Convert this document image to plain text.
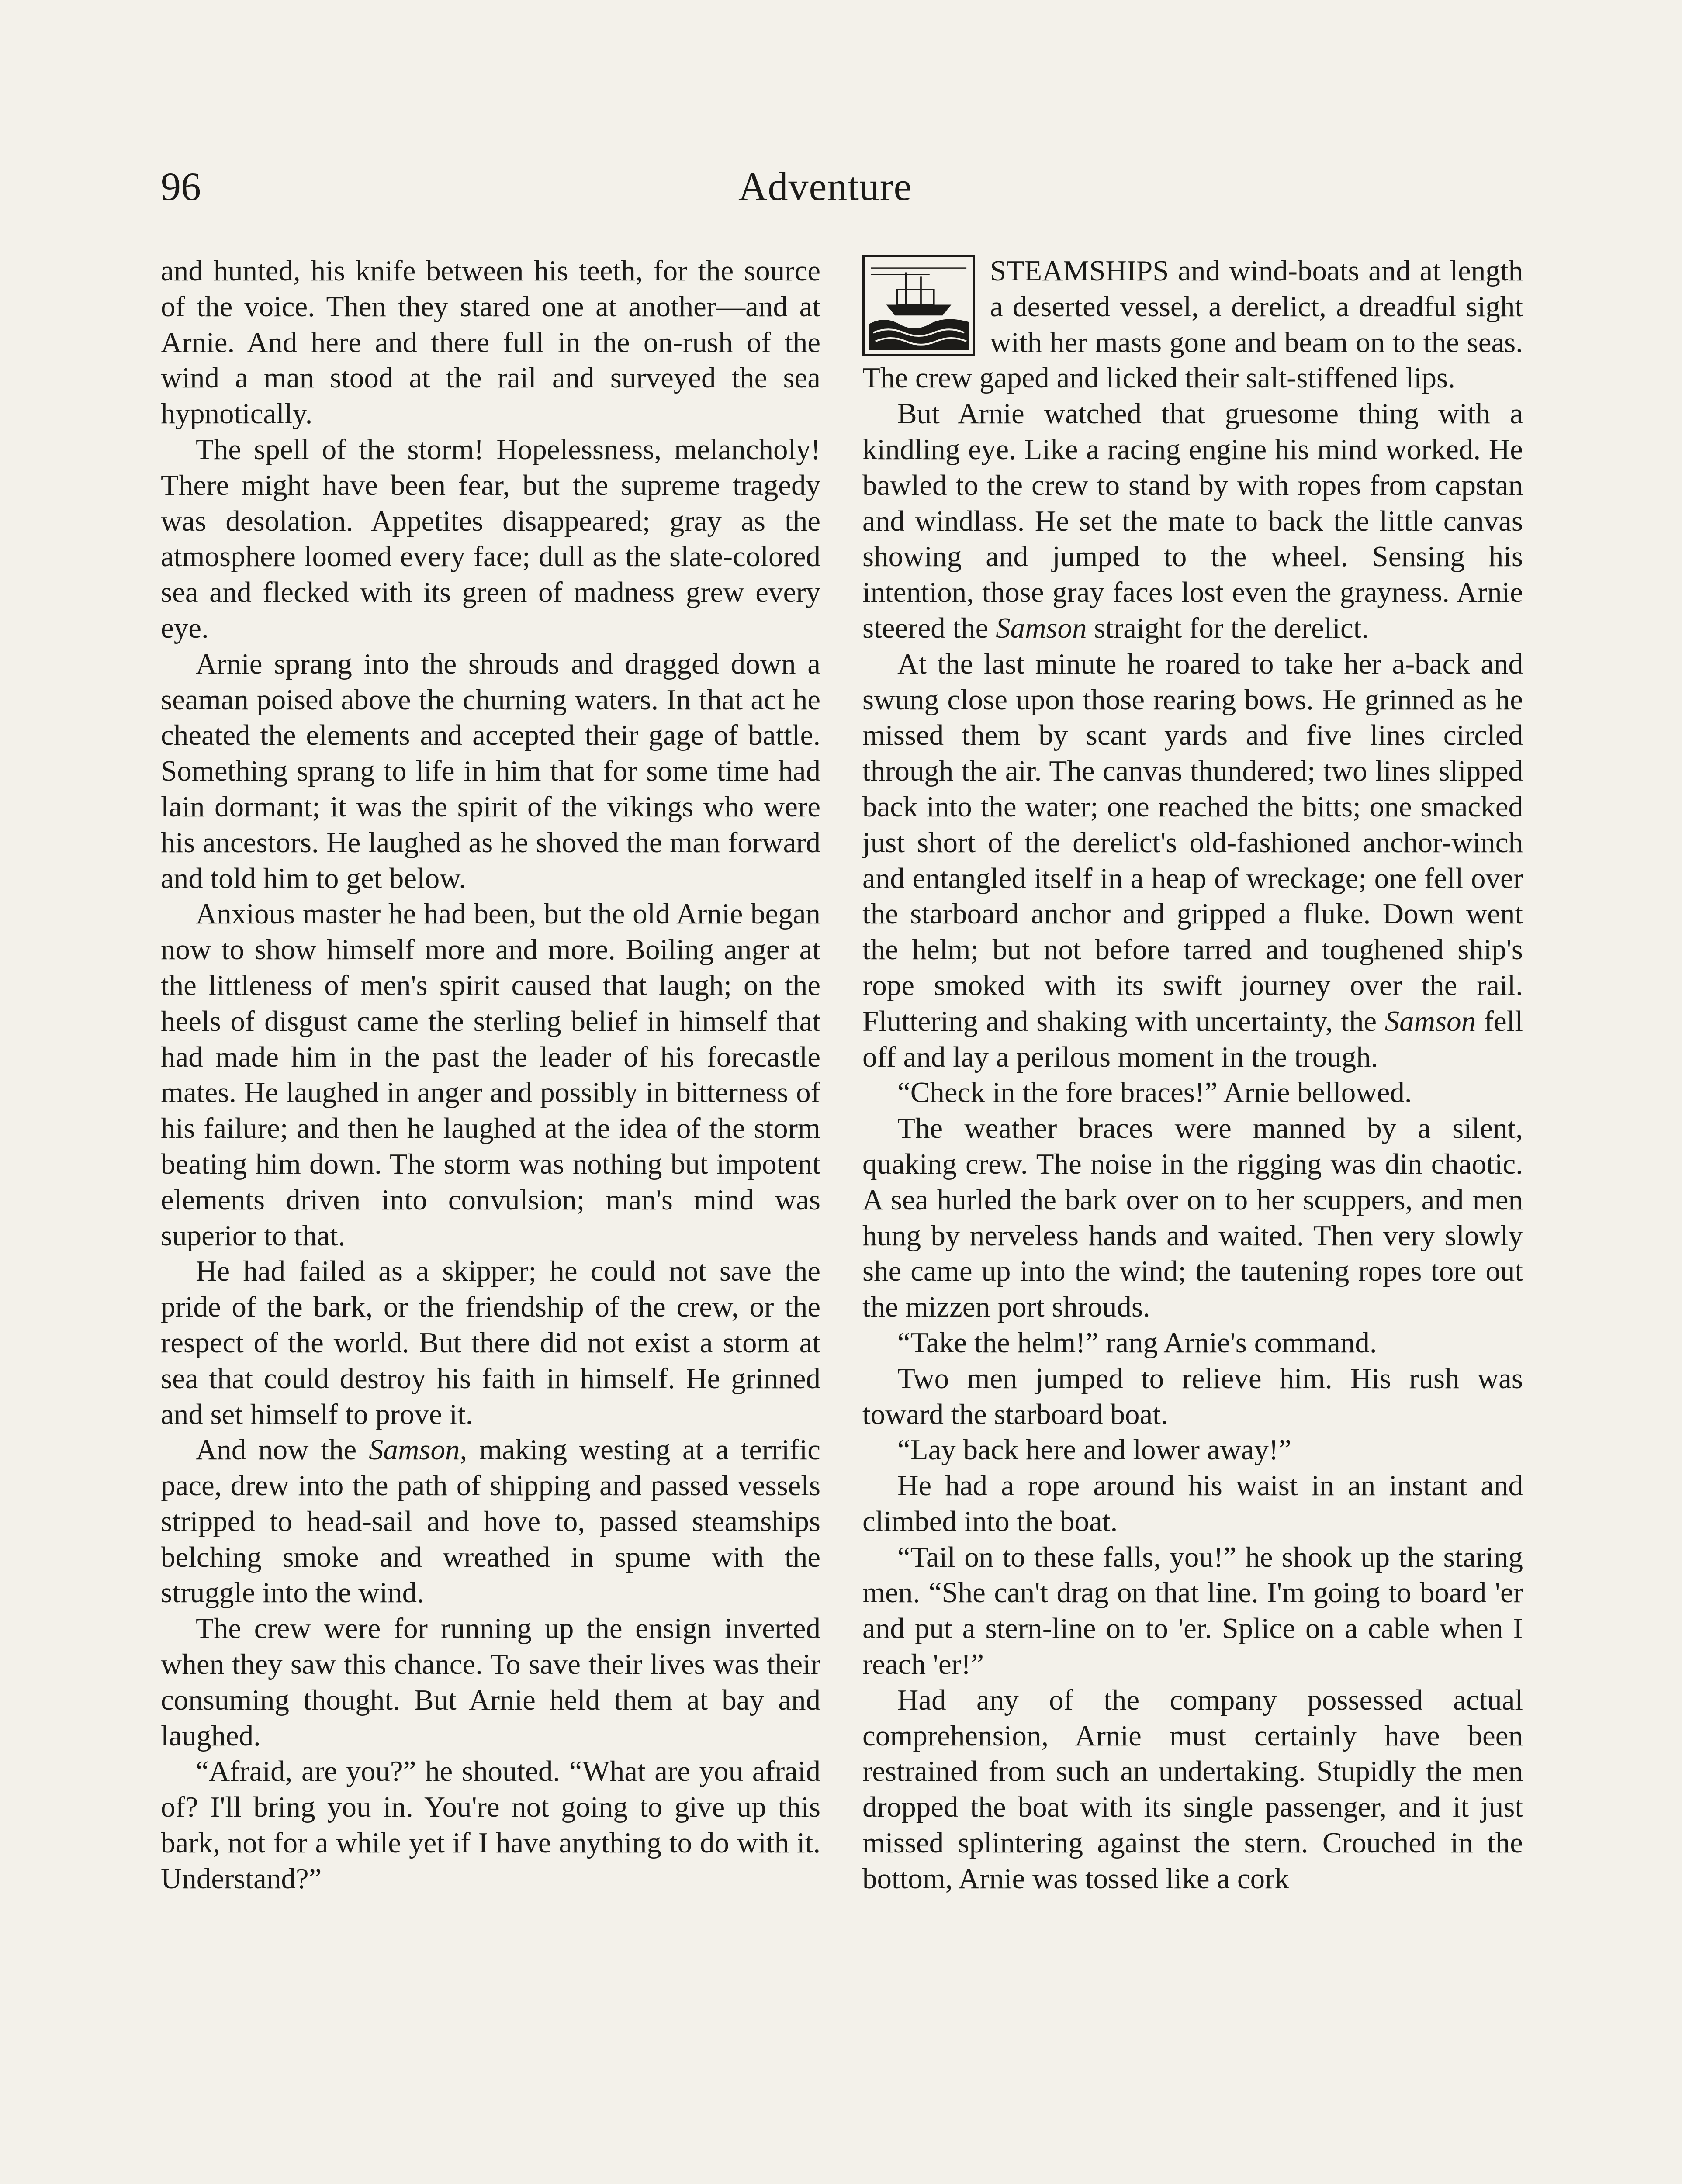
96	Adventure

and hunted, his knife between his teeth, for the source of the voice. Then they stared one at another—and at Arnie. And here and there full in the on-rush of the wind a man stood at the rail and surveyed the sea hypnotically.

The spell of the storm! Hopelessness, melancholy! There might have been fear, but the supreme tragedy was desolation. Appetites disappeared; gray as the atmosphere loomed every face; dull as the slate-colored sea and flecked with its green of madness grew every eye.

Arnie sprang into the shrouds and dragged down a seaman poised above the churning waters. In that act he cheated the elements and accepted their gage of battle. Something sprang to life in him that for some time had lain dormant; it was the spirit of the vikings who were his ancestors. He laughed as he shoved the man forward and told him to get below.

Anxious master he had been, but the old Arnie began now to show himself more and more. Boiling anger at the littleness of men's spirit caused that laugh; on the heels of disgust came the sterling belief in himself that had made him in the past the leader of his forecastle mates. He laughed in anger and possibly in bitterness of his failure; and then he laughed at the idea of the storm beating him down. The storm was nothing but impotent elements driven into convulsion; man's mind was superior to that.

He had failed as a skipper; he could not save the pride of the bark, or the friendship of the crew, or the respect of the world. But there did not exist a storm at sea that could destroy his faith in himself. He grinned and set himself to prove it.

And now the Samson, making westing at a terrific pace, drew into the path of shipping and passed vessels stripped to head-sail and hove to, passed steamships belching smoke and wreathed in spume with the struggle into the wind.

The crew were for running up the ensign inverted when they saw this chance. To save their lives was their consuming thought. But Arnie held them at bay and laughed.

“Afraid, are you?” he shouted. “What are you afraid of? I'll bring you in. You're not going to give up this bark, not for a while yet if I have anything to do with it. Understand?”

STEAMSHIPS and wind-boats and at length a deserted vessel, a derelict, a dreadful sight with her masts gone and beam on to the seas. The crew gaped and licked their salt-stiffened lips.

But Arnie watched that gruesome thing with a kindling eye. Like a racing engine his mind worked. He bawled to the crew to stand by with ropes from capstan and windlass. He set the mate to back the little canvas showing and jumped to the wheel. Sensing his intention, those gray faces lost even the grayness. Arnie steered the Samson straight for the derelict.

At the last minute he roared to take her a-back and swung close upon those rearing bows. He grinned as he missed them by scant yards and five lines circled through the air. The canvas thundered; two lines slipped back into the water; one reached the bitts; one smacked just short of the derelict's old-fashioned anchor-winch and entangled itself in a heap of wreckage; one fell over the starboard anchor and gripped a fluke. Down went the helm; but not before tarred and toughened ship's rope smoked with its swift journey over the rail. Fluttering and shaking with uncertainty, the Samson fell off and lay a perilous moment in the trough.

“Check in the fore braces!” Arnie bellowed.

The weather braces were manned by a silent, quaking crew. The noise in the rigging was din chaotic. A sea hurled the bark over on to her scuppers, and men hung by nerveless hands and waited. Then very slowly she came up into the wind; the tautening ropes tore out the mizzen port shrouds.

“Take the helm!” rang Arnie's command.

Two men jumped to relieve him. His rush was toward the starboard boat.

“Lay back here and lower away!”

He had a rope around his waist in an instant and climbed into the boat.

“Tail on to these falls, you!” he shook up the staring men. “She can't drag on that line. I'm going to board 'er and put a stern-line on to 'er. Splice on a cable when I reach 'er!”

Had any of the company possessed actual comprehension, Arnie must certainly have been restrained from such an undertaking. Stupidly the men dropped the boat with its single passenger, and it just missed splintering against the stern. Crouched in the bottom, Arnie was tossed like a cork
